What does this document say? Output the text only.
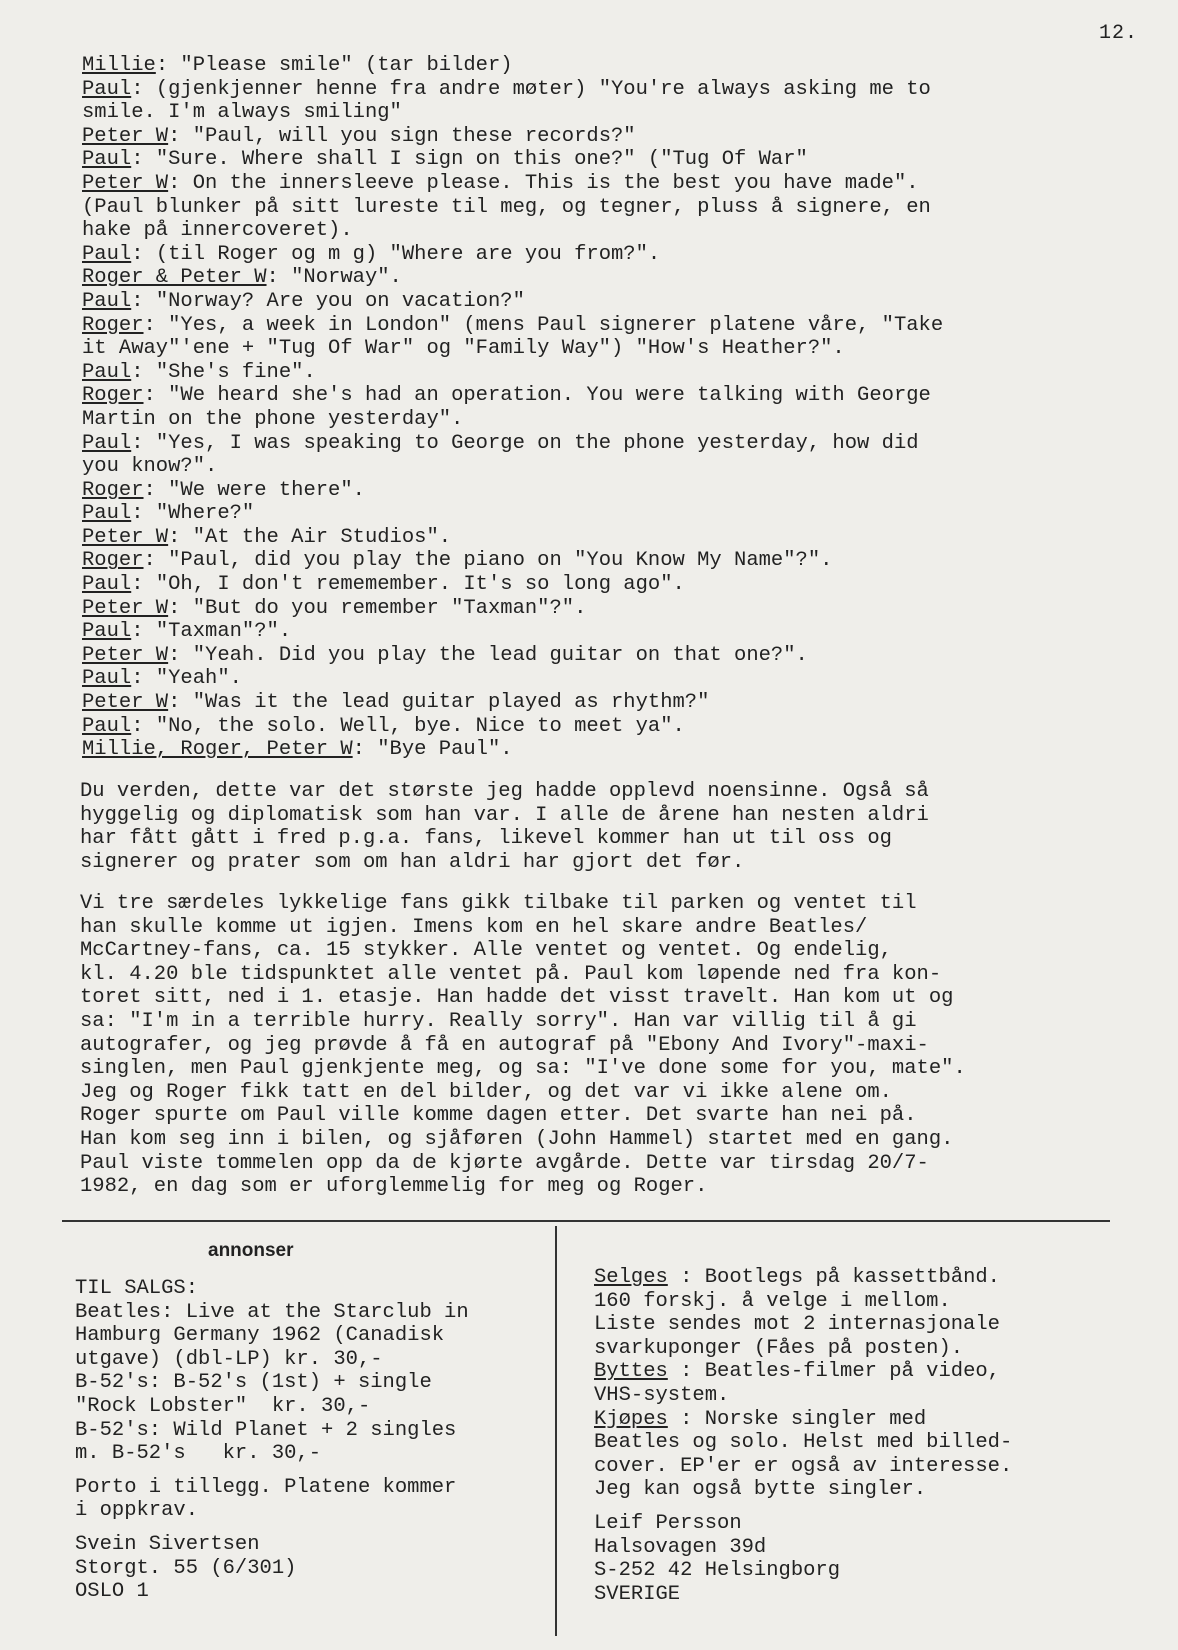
12.
Millie: "Please smile" (tar bilder)
Paul: (gjenkjenner henne fra andre møter) "You're always asking me to
smile. I'm always smiling"
Peter W: "Paul, will you sign these records?"
Paul: "Sure. Where shall I sign on this one?" ("Tug Of War"
Peter W: On the innersleeve please. This is the best you have made".
(Paul blunker på sitt lureste til meg, og tegner, pluss å signere, en
hake på innercoveret).
Paul: (til Roger og m g) "Where are you from?".
Roger & Peter W: "Norway".
Paul: "Norway? Are you on vacation?"
Roger: "Yes, a week in London" (mens Paul signerer platene våre, "Take
it Away"'ene + "Tug Of War" og "Family Way") "How's Heather?".
Paul: "She's fine".
Roger: "We heard she's had an operation. You were talking with George
Martin on the phone yesterday".
Paul: "Yes, I was speaking to George on the phone yesterday, how did
you know?".
Roger: "We were there".
Paul: "Where?"
Peter W: "At the Air Studios".
Roger: "Paul, did you play the piano on "You Know My Name"?".
Paul: "Oh, I don't rememember. It's so long ago".
Peter W: "But do you remember "Taxman"?".
Paul: "Taxman"?".
Peter W: "Yeah. Did you play the lead guitar on that one?".
Paul: "Yeah".
Peter W: "Was it the lead guitar played as rhythm?"
Paul: "No, the solo. Well, bye. Nice to meet ya".
Millie, Roger, Peter W: "Bye Paul".
Du verden, dette var det største jeg hadde opplevd noensinne. Også så
hyggelig og diplomatisk som han var. I alle de årene han nesten aldri
har fått gått i fred p.g.a. fans, likevel kommer han ut til oss og
signerer og prater som om han aldri har gjort det før.
Vi tre særdeles lykkelige fans gikk tilbake til parken og ventet til
han skulle komme ut igjen. Imens kom en hel skare andre Beatles/
McCartney-fans, ca. 15 stykker. Alle ventet og ventet. Og endelig,
kl. 4.20 ble tidspunktet alle ventet på. Paul kom løpende ned fra kon-
toret sitt, ned i 1. etasje. Han hadde det visst travelt. Han kom ut og
sa: "I'm in a terrible hurry. Really sorry". Han var villig til å gi
autografer, og jeg prøvde å få en autograf på "Ebony And Ivory"-maxi-
singlen, men Paul gjenkjente meg, og sa: "I've done some for you, mate".
Jeg og Roger fikk tatt en del bilder, og det var vi ikke alene om.
Roger spurte om Paul ville komme dagen etter. Det svarte han nei på.
Han kom seg inn i bilen, og sjåføren (John Hammel) startet med en gang.
Paul viste tommelen opp da de kjørte avgårde. Dette var tirsdag 20/7-
1982, en dag som er uforglemmelig for meg og Roger.
annonser
TIL SALGS:
Beatles: Live at the Starclub in
Hamburg Germany 1962 (Canadisk
utgave) (dbl-LP) kr. 30,-
B-52's: B-52's (1st) + single
"Rock Lobster"  kr. 30,-
B-52's: Wild Planet + 2 singles
m. B-52's   kr. 30,-
Porto i tillegg. Platene kommer
i oppkrav.
Svein Sivertsen
Storgt. 55 (6/301)
OSLO 1
Selges : Bootlegs på kassettbånd.
160 forskj. å velge i mellom.
Liste sendes mot 2 internasjonale
svarkuponger (Fåes på posten).
Byttes : Beatles-filmer på video,
VHS-system.
Kjøpes : Norske singler med
Beatles og solo. Helst med billed-
cover. EP'er er også av interesse.
Jeg kan også bytte singler.
Leif Persson
Halsovagen 39d
S-252 42 Helsingborg
SVERIGE
